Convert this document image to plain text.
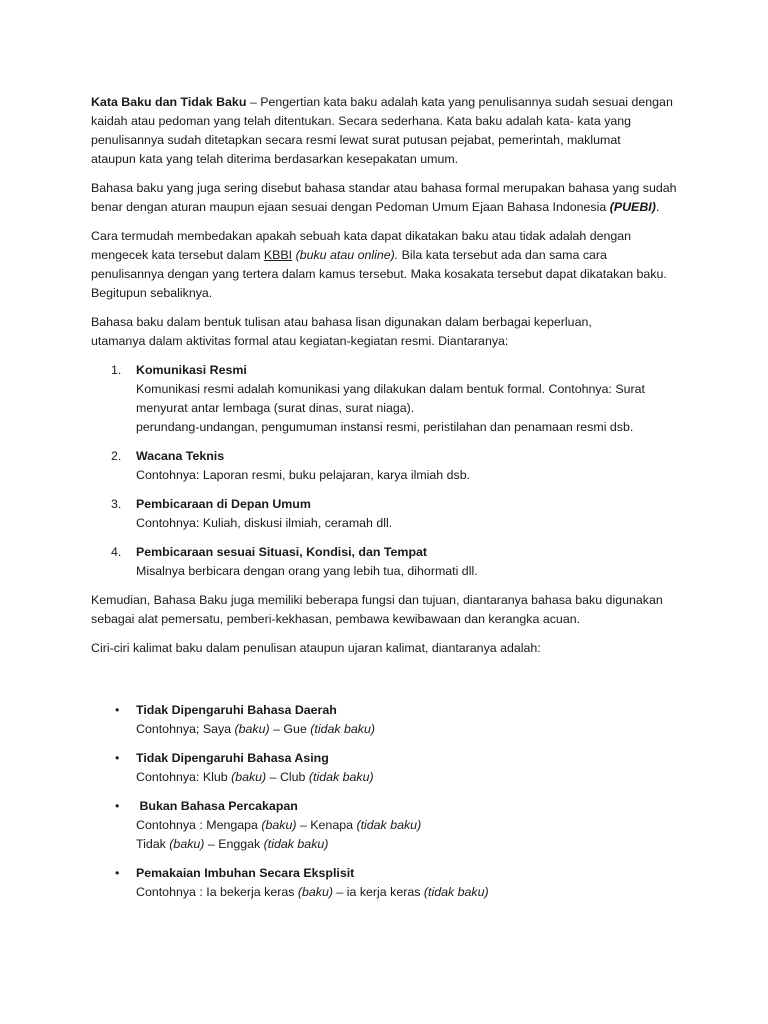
Kata Baku dan Tidak Baku – Pengertian kata baku adalah kata yang penulisannya sudah sesuai dengan
kaidah atau pedoman yang telah ditentukan. Secara sederhana. Kata baku adalah kata- kata yang
penulisannya sudah ditetapkan secara resmi lewat surat putusan pejabat, pemerintah, maklumat
ataupun kata yang telah diterima berdasarkan kesepakatan umum.

Bahasa baku yang juga sering disebut bahasa standar atau bahasa formal merupakan bahasa yang sudah
benar dengan aturan maupun ejaan sesuai dengan Pedoman Umum Ejaan Bahasa Indonesia (PUEBI).

Cara termudah membedakan apakah sebuah kata dapat dikatakan baku atau tidak adalah dengan
mengecek kata tersebut dalam KBBI (buku atau online). Bila kata tersebut ada dan sama cara
penulisannya dengan yang tertera dalam kamus tersebut. Maka kosakata tersebut dapat dikatakan baku.
Begitupun sebaliknya.

Bahasa baku dalam bentuk tulisan atau bahasa lisan digunakan dalam berbagai keperluan,
utamanya dalam aktivitas formal atau kegiatan-kegiatan resmi. Diantaranya:

1. Komunikasi Resmi
Komunikasi resmi adalah komunikasi yang dilakukan dalam bentuk formal. Contohnya: Surat
menyurat antar lembaga (surat dinas, surat niaga).
perundang-undangan, pengumuman instansi resmi, peristilahan dan penamaan resmi dsb.
2. Wacana Teknis
Contohnya: Laporan resmi, buku pelajaran, karya ilmiah dsb.
3. Pembicaraan di Depan Umum
Contohnya: Kuliah, diskusi ilmiah, ceramah dll.
4. Pembicaraan sesuai Situasi, Kondisi, dan Tempat
Misalnya berbicara dengan orang yang lebih tua, dihormati dll.

Kemudian, Bahasa Baku juga memiliki beberapa fungsi dan tujuan, diantaranya bahasa baku digunakan
sebagai alat pemersatu, pemberi-kekhasan, pembawa kewibawaan dan kerangka acuan.

Ciri-ciri kalimat baku dalam penulisan ataupun ujaran kalimat, diantaranya adalah:

• Tidak Dipengaruhi Bahasa Daerah
Contohnya; Saya (baku) – Gue (tidak baku)
• Tidak Dipengaruhi Bahasa Asing
Contohnya: Klub (baku) – Club (tidak baku)
• Bukan Bahasa Percakapan
Contohnya : Mengapa (baku) – Kenapa (tidak baku)
Tidak (baku) – Enggak (tidak baku)
• Pemakaian Imbuhan Secara Eksplisit
Contohnya : Ia bekerja keras (baku) – ia kerja keras (tidak baku)
